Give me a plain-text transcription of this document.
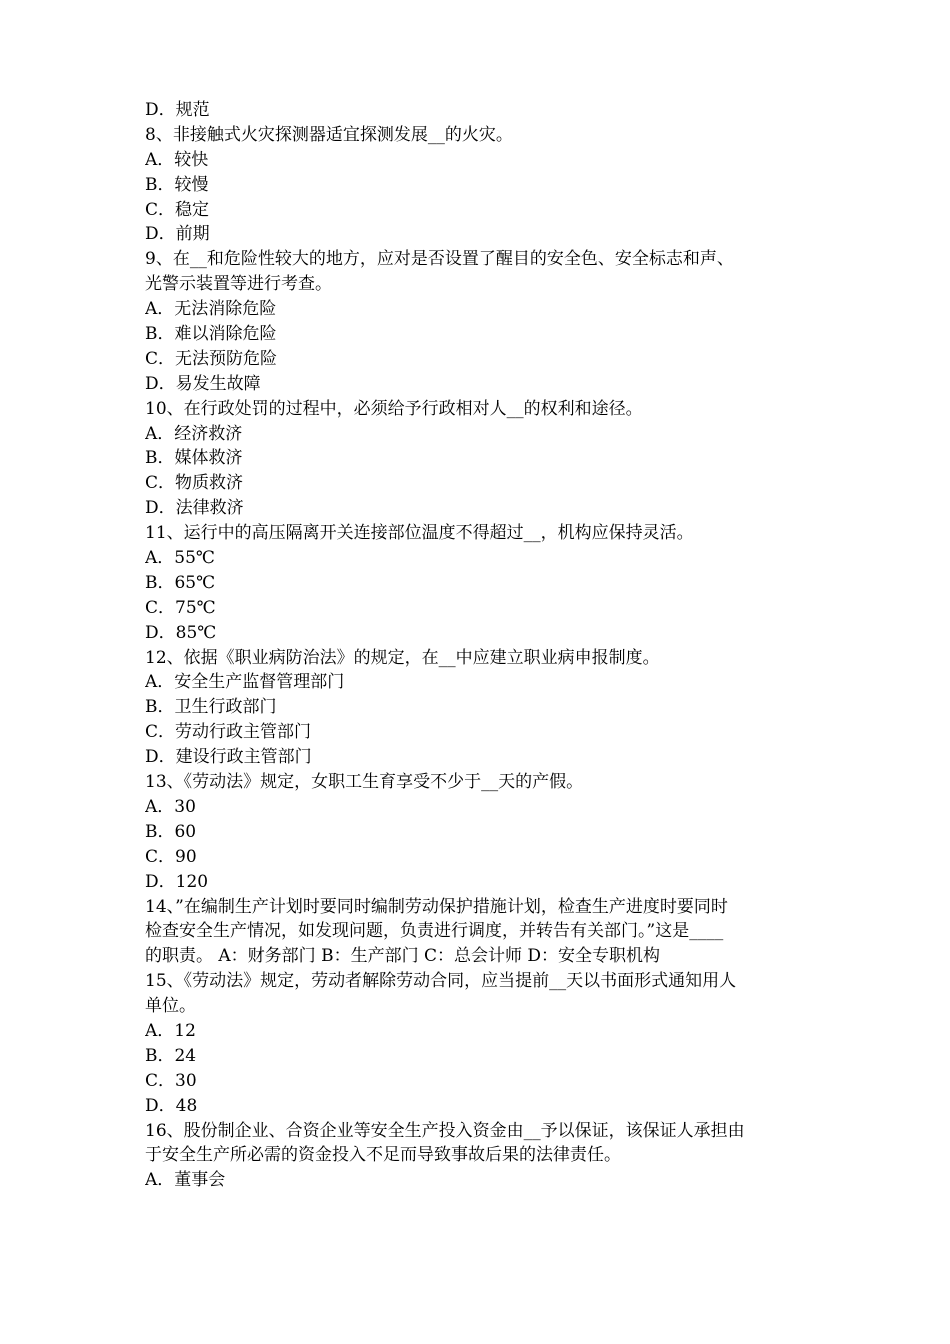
D．规范
8、非接触式火灾探测器适宜探测发展__的火灾。
A．较快
B．较慢
C．稳定
D．前期
9、在__和危险性较大的地方，应对是否设置了醒目的安全色、安全标志和声、
光警示装置等进行考查。
A．无法消除危险
B．难以消除危险
C．无法预防危险
D．易发生故障
10、在行政处罚的过程中，必须给予行政相对人__的权利和途径。
A．经济救济
B．媒体救济
C．物质救济
D．法律救济
11、运行中的高压隔离开关连接部位温度不得超过__，机构应保持灵活。
A．55℃
B．65℃
C．75℃
D．85℃
12、依据《职业病防治法》的规定，在__中应建立职业病申报制度。
A．安全生产监督管理部门
B．卫生行政部门
C．劳动行政主管部门
D．建设行政主管部门
13、《劳动法》规定，女职工生育享受不少于__天的产假。
A．30
B．60
C．90
D．120
14、”在编制生产计划时要同时编制劳动保护措施计划，检查生产进度时要同时
检查安全生产情况，如发现问题，负责进行调度，并转告有关部门。”这是____
的职责。 A：财务部门 B：生产部门 C：总会计师 D：安全专职机构
15、《劳动法》规定，劳动者解除劳动合同，应当提前__天以书面形式通知用人
单位。
A．12
B．24
C．30
D．48
16、股份制企业、合资企业等安全生产投入资金由__予以保证，该保证人承担由
于安全生产所必需的资金投入不足而导致事故后果的法律责任。
A．董事会
